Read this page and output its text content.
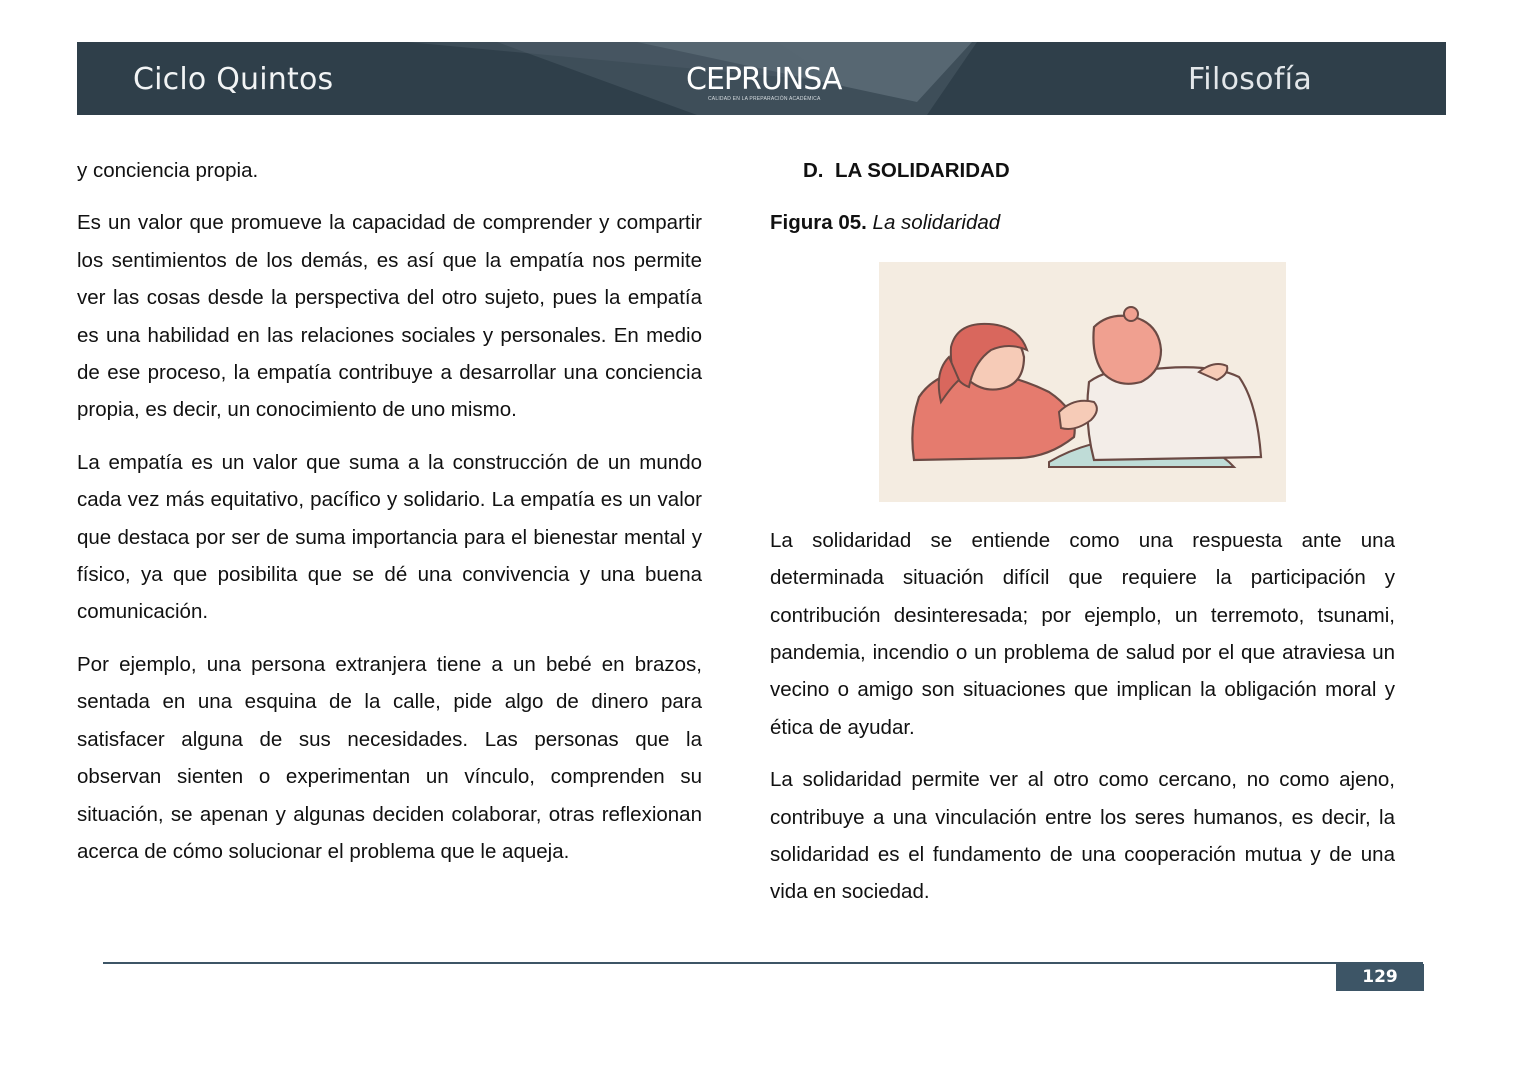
Ciclo Quintos	CEPRUNSA
CALIDAD EN LA PREPARACIÓN ACADÉMICA
Filosofía

y conciencia propia.

Es un valor que promueve la capacidad de comprender y compartir los sentimientos de los demás, es así que la empatía nos permite ver las cosas desde la perspectiva del otro sujeto, pues la empatía es una habilidad en las relaciones sociales y personales. En medio de ese proceso, la empatía contribuye a desarrollar una conciencia propia, es decir, un conocimiento de uno mismo.

La empatía es un valor que suma a la construcción de un mundo cada vez más equitativo, pacífico y solidario. La empatía es un valor que destaca por ser de suma importancia para el bienestar mental y físico, ya que posibilita que se dé una convivencia y una buena comunicación.

Por ejemplo, una persona extranjera tiene a un bebé en brazos, sentada en una esquina de la calle, pide algo de dinero para satisfacer alguna de sus necesidades. Las personas que la observan sienten o experimentan un vínculo, comprenden su situación, se apenan y algunas deciden colaborar, otras reflexionan acerca de cómo solucionar el problema que le aqueja.

D. LA SOLIDARIDAD
Figura 05. La solidaridad

La solidaridad se entiende como una respuesta ante una determinada situación difícil que requiere la participación y contribución desinteresada; por ejemplo, un terremoto, tsunami, pandemia, incendio o un problema de salud por el que atraviesa un vecino o amigo son situaciones que implican la obligación moral y ética de ayudar.

La solidaridad permite ver al otro como cercano, no como ajeno, contribuye a una vinculación entre los seres humanos, es decir, la solidaridad es el fundamento de una cooperación mutua y de una vida en sociedad.

129
